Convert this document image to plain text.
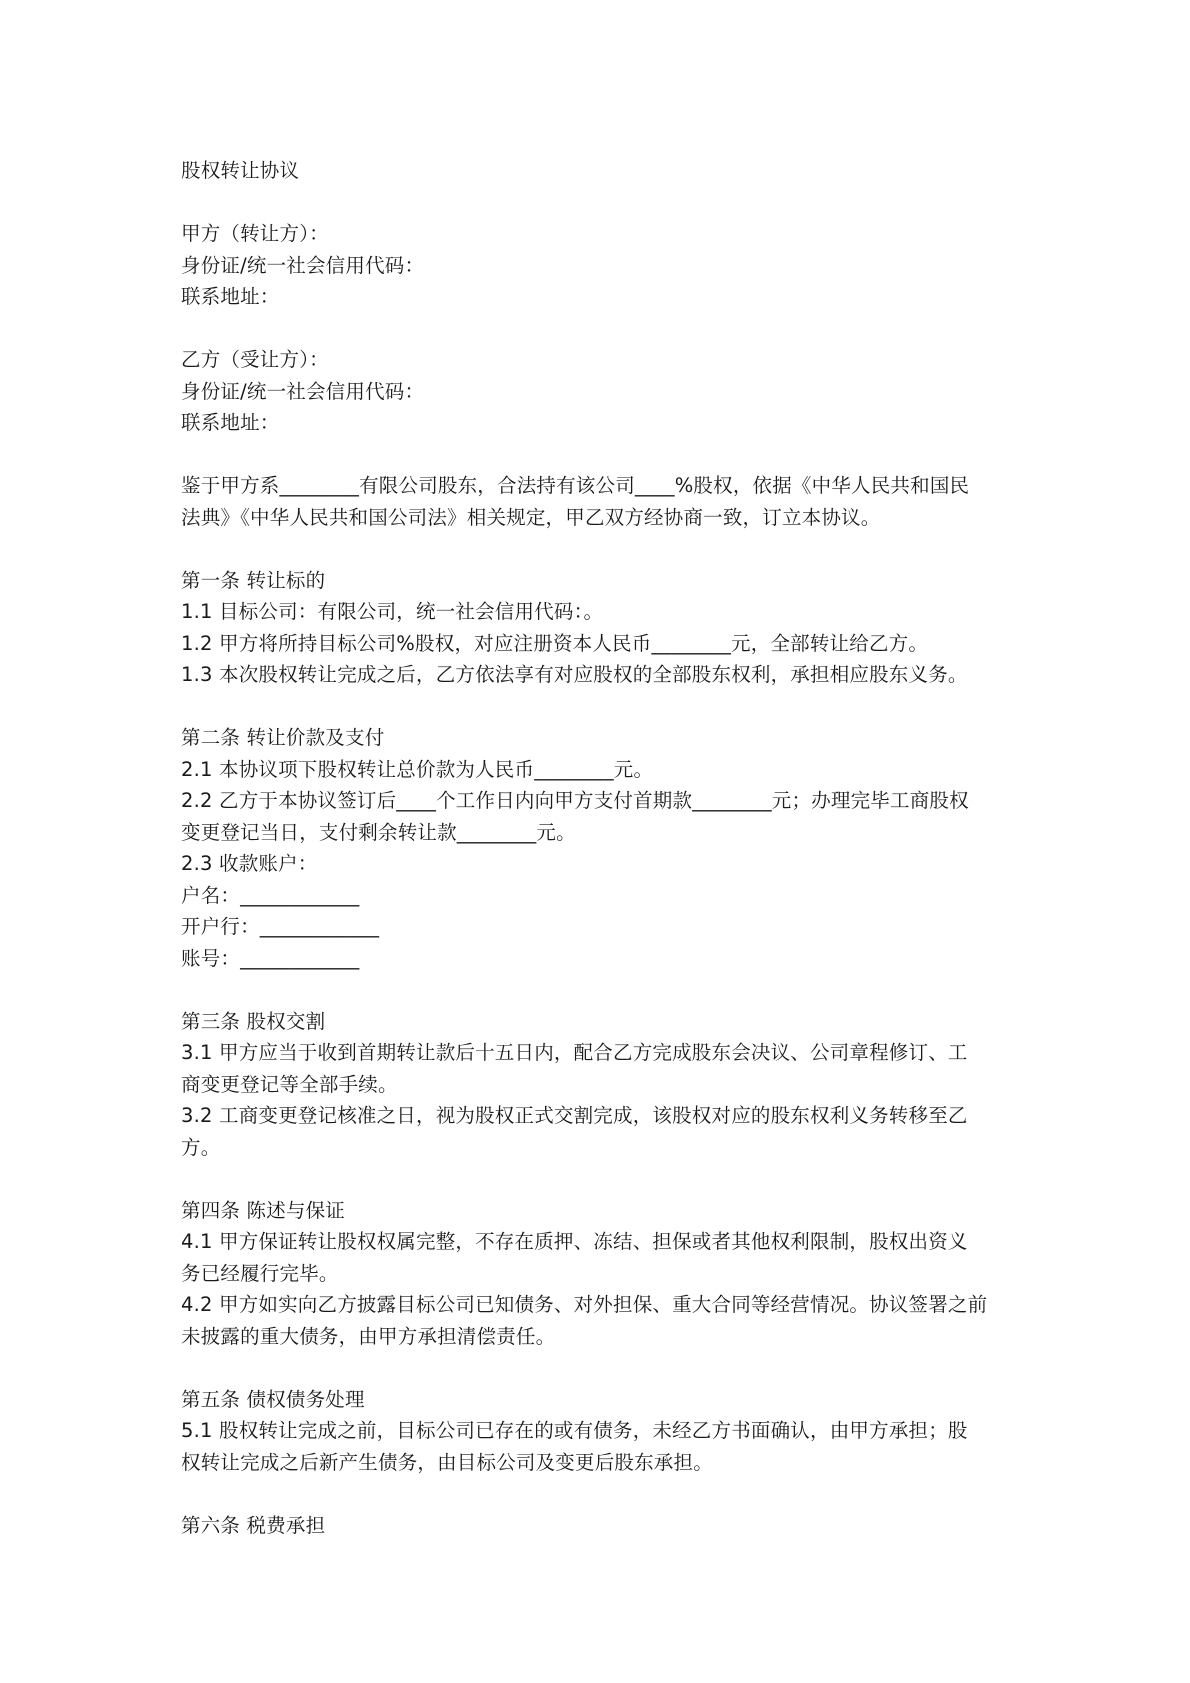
股权转让协议
甲方（转让方）：
身份证/统一社会信用代码：
联系地址：
乙方（受让方）：
身份证/统一社会信用代码：
联系地址：
鉴于甲方系________有限公司股东，合法持有该公司____%股权，依据《中华人民共和国民
法典》《中华人民共和国公司法》相关规定，甲乙双方经协商一致，订立本协议。
第一条 转让标的
1.1 目标公司：有限公司，统一社会信用代码：。
1.2 甲方将所持目标公司%股权，对应注册资本人民币________元，全部转让给乙方。
1.3 本次股权转让完成之后，乙方依法享有对应股权的全部股东权利，承担相应股东义务。
第二条 转让价款及支付
2.1 本协议项下股权转让总价款为人民币________元。
2.2 乙方于本协议签订后____个工作日内向甲方支付首期款________元；办理完毕工商股权
变更登记当日，支付剩余转让款________元。
2.3 收款账户：
户名：____________
开户行：____________
账号：____________
第三条 股权交割
3.1 甲方应当于收到首期转让款后十五日内，配合乙方完成股东会决议、公司章程修订、工
商变更登记等全部手续。
3.2 工商变更登记核准之日，视为股权正式交割完成，该股权对应的股东权利义务转移至乙
方。
第四条 陈述与保证
4.1 甲方保证转让股权权属完整，不存在质押、冻结、担保或者其他权利限制，股权出资义
务已经履行完毕。
4.2 甲方如实向乙方披露目标公司已知债务、对外担保、重大合同等经营情况。协议签署之前
未披露的重大债务，由甲方承担清偿责任。
第五条 债权债务处理
5.1 股权转让完成之前，目标公司已存在的或有债务，未经乙方书面确认，由甲方承担；股
权转让完成之后新产生债务，由目标公司及变更后股东承担。
第六条 税费承担
